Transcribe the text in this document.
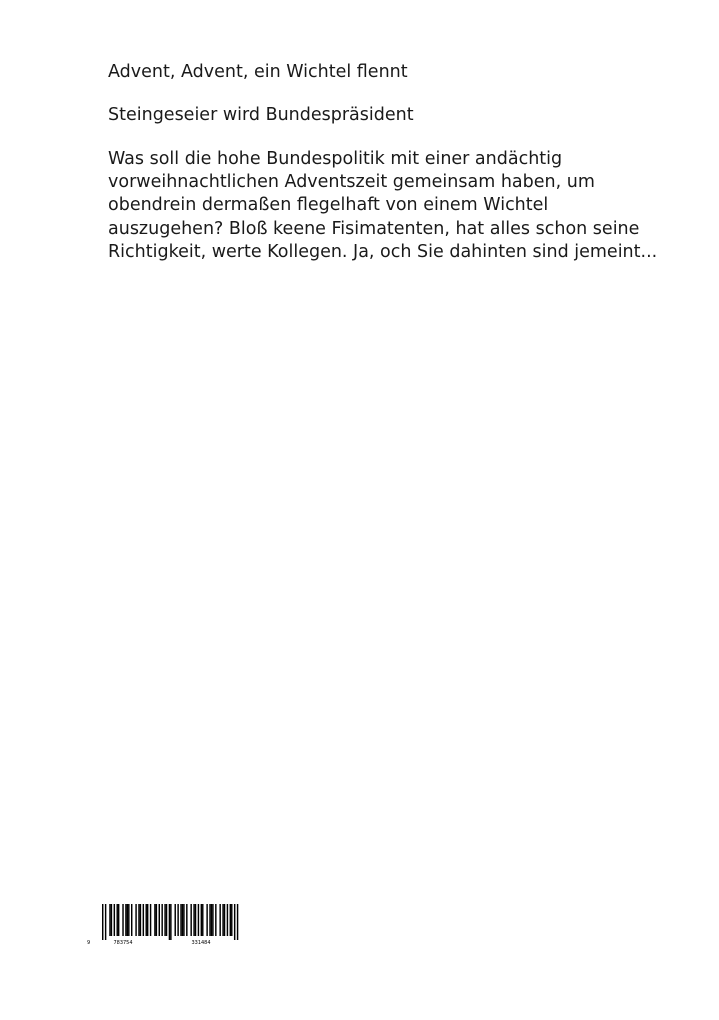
Advent, Advent, ein Wichtel flennt
Steingeseier wird Bundespräsident

Was soll die hohe Bundespolitik mit einer andächtig vorweihnachtlichen Adventszeit gemeinsam haben, um obendrein dermaßen flegelhaft von einem Wichtel auszugehen? Bloß keene Fisimatenten, hat alles schon seine Richtigkeit, werte Kollegen. Ja, och Sie dahinten sind jemeint...

9	783754	331484
